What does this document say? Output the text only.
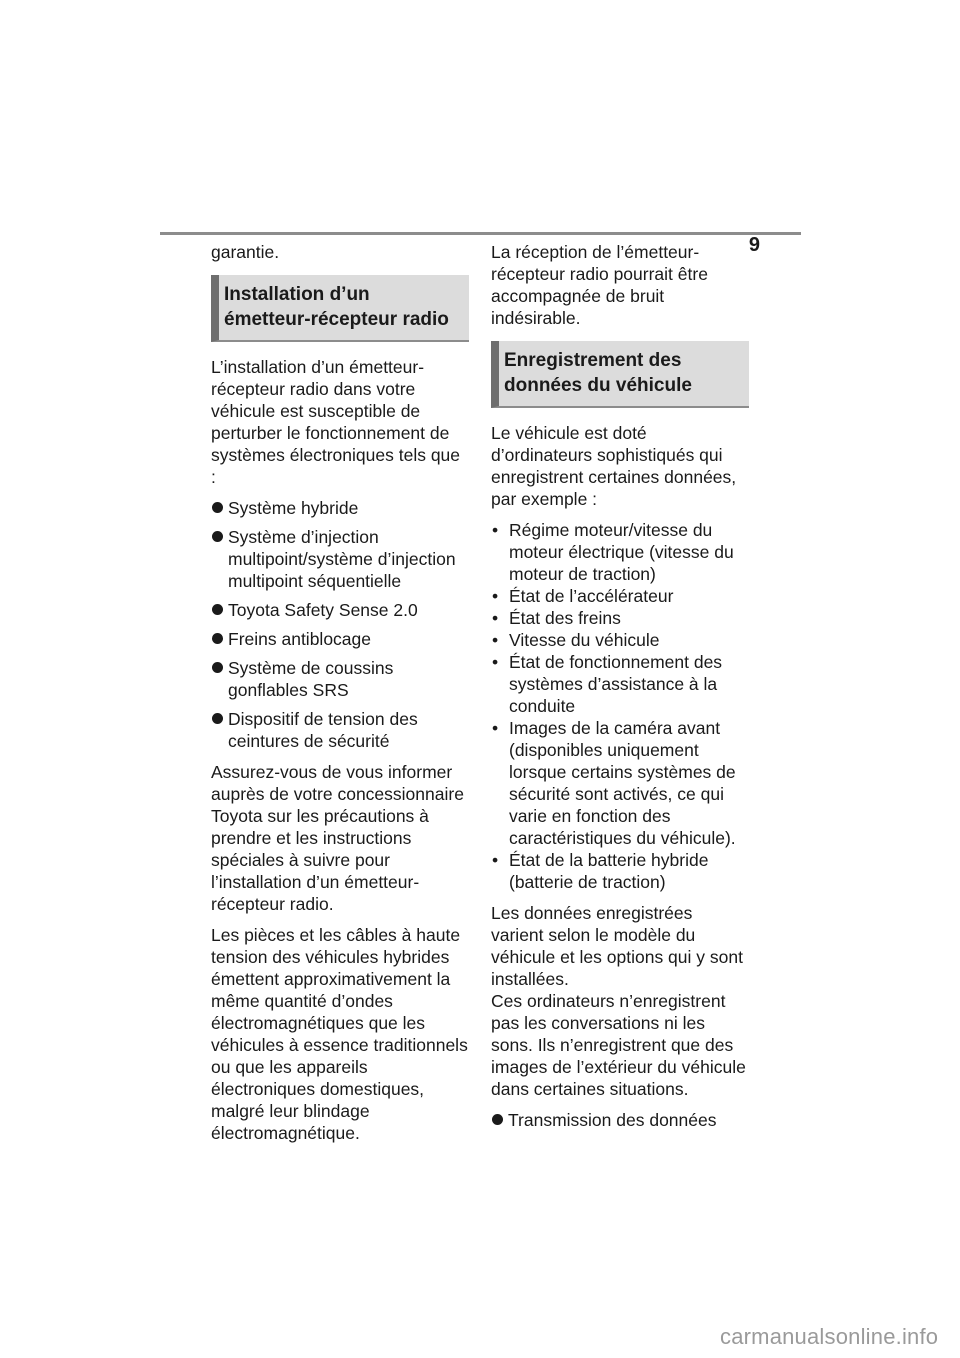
9

garantie.

Installation d’un émetteur-récepteur radio

L’installation d’un émetteur-récepteur radio dans votre véhicule est susceptible de perturber le fonctionnement de systèmes électroniques tels que :

Système hybride
Système d’injection multipoint/système d’injection multipoint séquentielle
Toyota Safety Sense 2.0
Freins antiblocage
Système de coussins gonflables SRS
Dispositif de tension des ceintures de sécurité

Assurez-vous de vous informer auprès de votre concessionnaire Toyota sur les précautions à prendre et les instructions spéciales à suivre pour l’installation d’un émetteur-récepteur radio.

Les pièces et les câbles à haute tension des véhicules hybrides émettent approximativement la même quantité d’ondes électromagnétiques que les véhicules à essence traditionnels ou que les appareils électroniques domestiques, malgré leur blindage électromagnétique.

La réception de l’émetteur-récepteur radio pourrait être accompagnée de bruit indésirable.

Enregistrement des données du véhicule

Le véhicule est doté d’ordinateurs sophistiqués qui enregistrent certaines données, par exemple :

• Régime moteur/vitesse du moteur électrique (vitesse du moteur de traction)
• État de l’accélérateur
• État des freins
• Vitesse du véhicule
• État de fonctionnement des systèmes d’assistance à la conduite
• Images de la caméra avant (disponibles uniquement lorsque certains systèmes de sécurité sont activés, ce qui varie en fonction des caractéristiques du véhicule).
• État de la batterie hybride (batterie de traction)

Les données enregistrées varient selon le modèle du véhicule et les options qui y sont installées.

Ces ordinateurs n’enregistrent pas les conversations ni les sons. Ils n’enregistrent que des images de l’extérieur du véhicule dans certaines situations.

Transmission des données
carmanualsonline.info
